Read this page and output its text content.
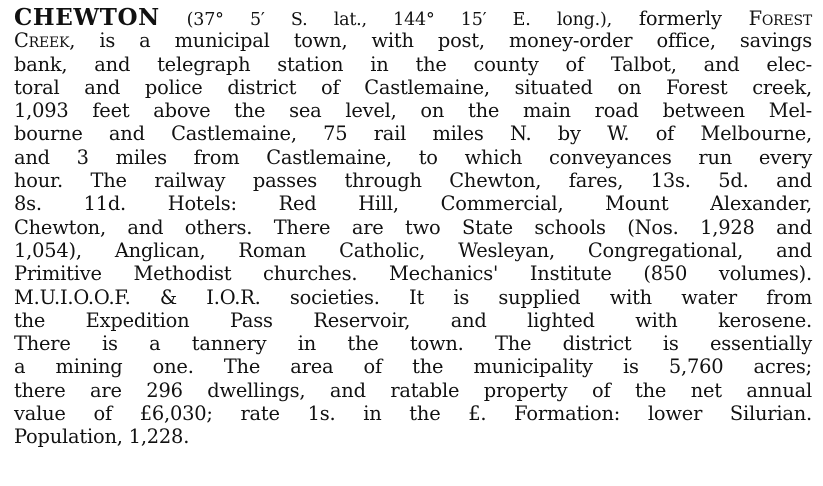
CHEWTON (37° 5′ S. lat., 144° 15′ E. long.), formerly Forest
Creek, is a municipal town, with post, money-order office, savings
bank, and telegraph station in the county of Talbot, and elec-
toral and police district of Castlemaine, situated on Forest creek,
1,093 feet above the sea level, on the main road between Mel-
bourne and Castlemaine, 75 rail miles N. by W. of Melbourne,
and 3 miles from Castlemaine, to which conveyances run every
hour. The railway passes through Chewton, fares, 13s. 5d. and
8s. 11d. Hotels: Red Hill, Commercial, Mount Alexander,
Chewton, and others. There are two State schools (Nos. 1,928 and
1,054), Anglican, Roman Catholic, Wesleyan, Congregational, and
Primitive Methodist churches. Mechanics' Institute (850 volumes).
M.U.I.O.O.F. & I.O.R. societies. It is supplied with water from
the Expedition Pass Reservoir, and lighted with kerosene.
There is a tannery in the town. The district is essentially
a mining one. The area of the municipality is 5,760 acres;
there are 296 dwellings, and ratable property of the net annual
value of £6,030; rate 1s. in the £. Formation: lower Silurian.
Population, 1,228.
